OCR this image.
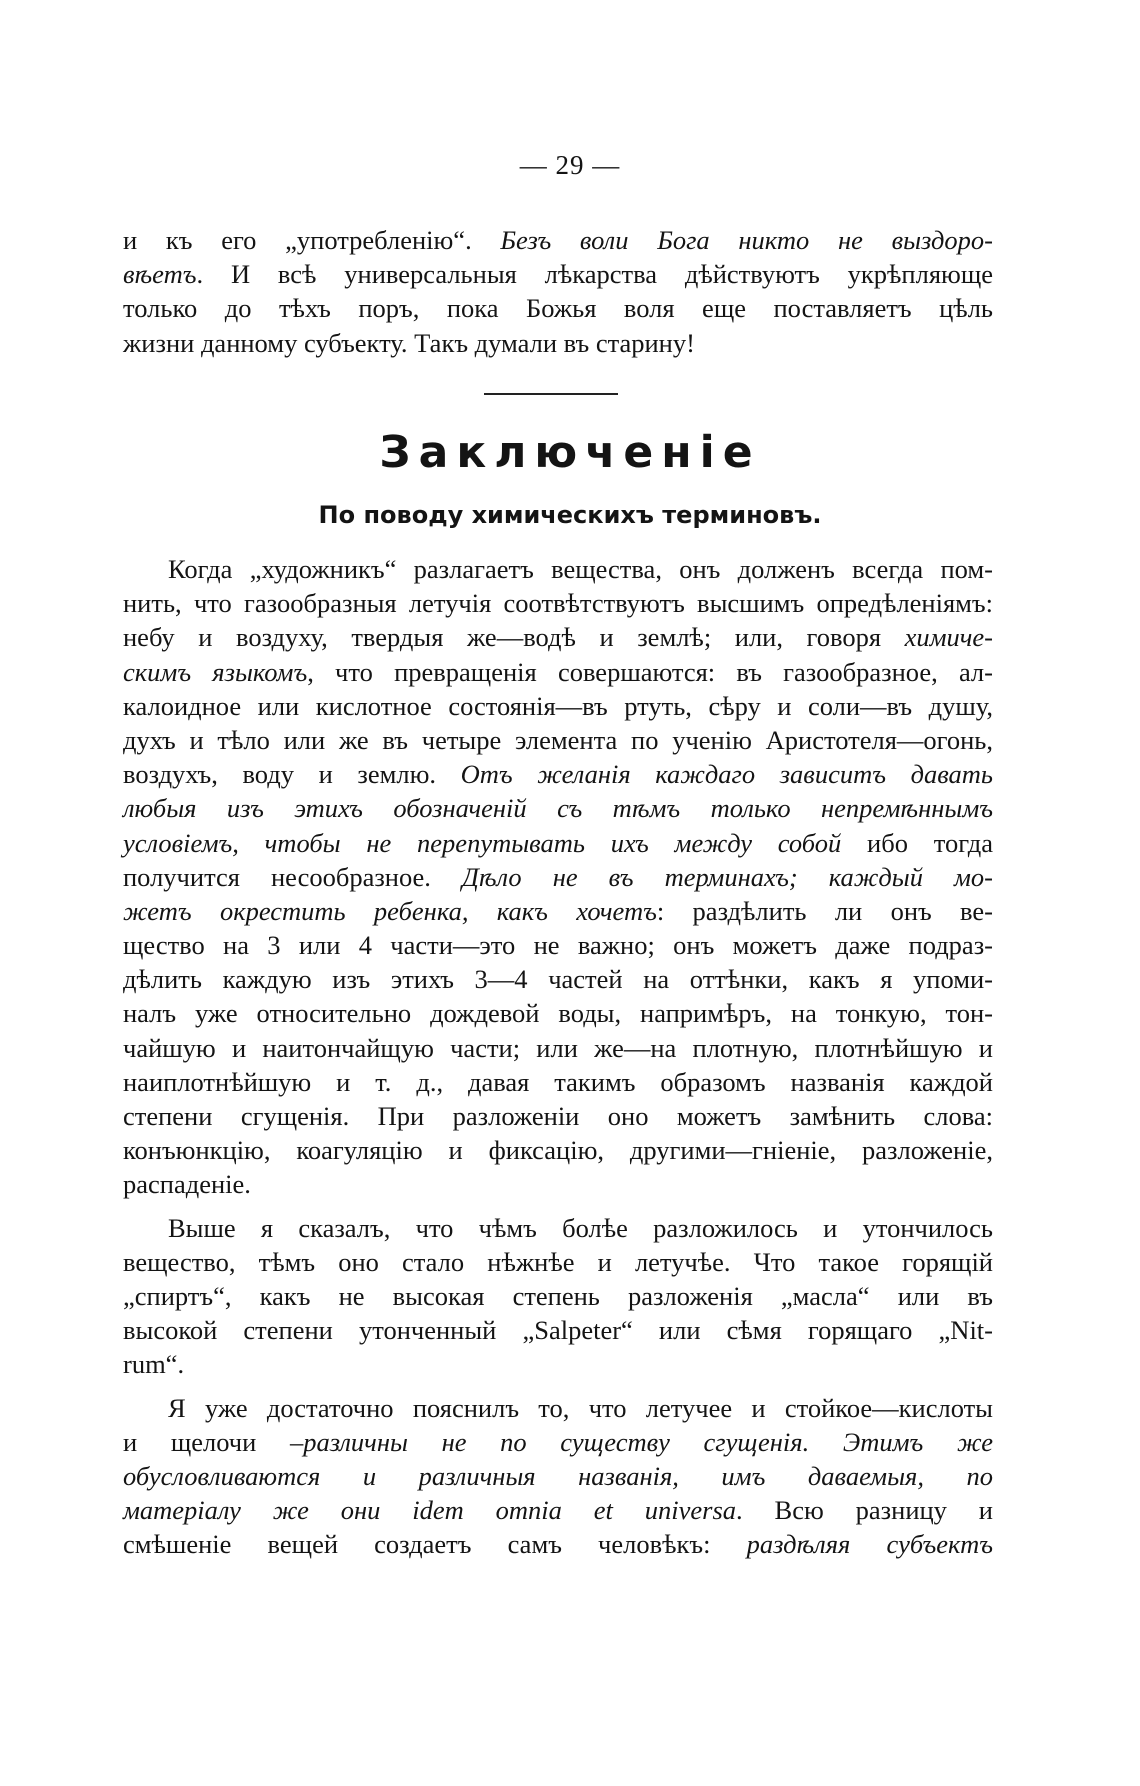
— 29 —
и къ его „употребленію“. Безъ воли Бога никто не выздоро-
вѣетъ. И всѣ универсальныя лѣкарства дѣйствуютъ укрѣпляюще
только до тѣхъ поръ, пока Божья воля еще поставляетъ цѣль
жизни данному субъекту. Такъ думали въ старину!
Заключеніе
По поводу химическихъ терминовъ.
Когда „художникъ“ разлагаетъ вещества, онъ долженъ всегда пом-
нить, что газообразныя летучія соотвѣтствуютъ высшимъ опредѣленіямъ:
небу и воздуху, твердыя же—водѣ и землѣ; или, говоря химиче-
скимъ языкомъ, что превращенія совершаются: въ газообразное, ал-
калоидное или кислотное состоянія—въ ртуть, сѣру и соли—въ душу,
духъ и тѣло или же въ четыре элемента по ученію Аристотеля—огонь,
воздухъ, воду и землю. Отъ желанія каждаго зависитъ давать
любыя изъ этихъ обозначеній съ тѣмъ только непремѣннымъ
условіемъ, чтобы не перепутывать ихъ между собой ибо тогда
получится несообразное. Дѣло не въ терминахъ; каждый мо-
жетъ окрестить ребенка, какъ хочетъ: раздѣлить ли онъ ве-
щество на 3 или 4 части—это не важно; онъ можетъ даже подраз-
дѣлить каждую изъ этихъ 3—4 частей на оттѣнки, какъ я упоми-
налъ уже относительно дождевой воды, напримѣръ, на тонкую, тон-
чайшую и наитончайщую части; или же—на плотную, плотнѣйшую и
наиплотнѣйшую и т. д., давая такимъ образомъ названія каждой
степени сгущенія. При разложеніи оно можетъ замѣнить слова:
конъюнкцію, коагуляцію и фиксацію, другими—гніеніе, разложеніе,
распаденіе.
Выше я сказалъ, что чѣмъ болѣе разложилось и утончилось
вещество, тѣмъ оно стало нѣжнѣе и летучѣе. Что такое горящій
„спиртъ“, какъ не высокая степень разложенія „масла“ или въ
высокой степени утонченный „Salpeter“ или сѣмя горящаго „Nit-
rum“.
Я уже достаточно пояснилъ то, что летучее и стойкое—кислоты
и щелочи –различны не по существу сгущенія. Этимъ же
обусловливаются и различныя названія, имъ даваемыя, по
матеріалу же они idem omnia et universa. Всю разницу и
смѣшеніе вещей создаетъ самъ человѣкъ: раздѣляя субъектъ
